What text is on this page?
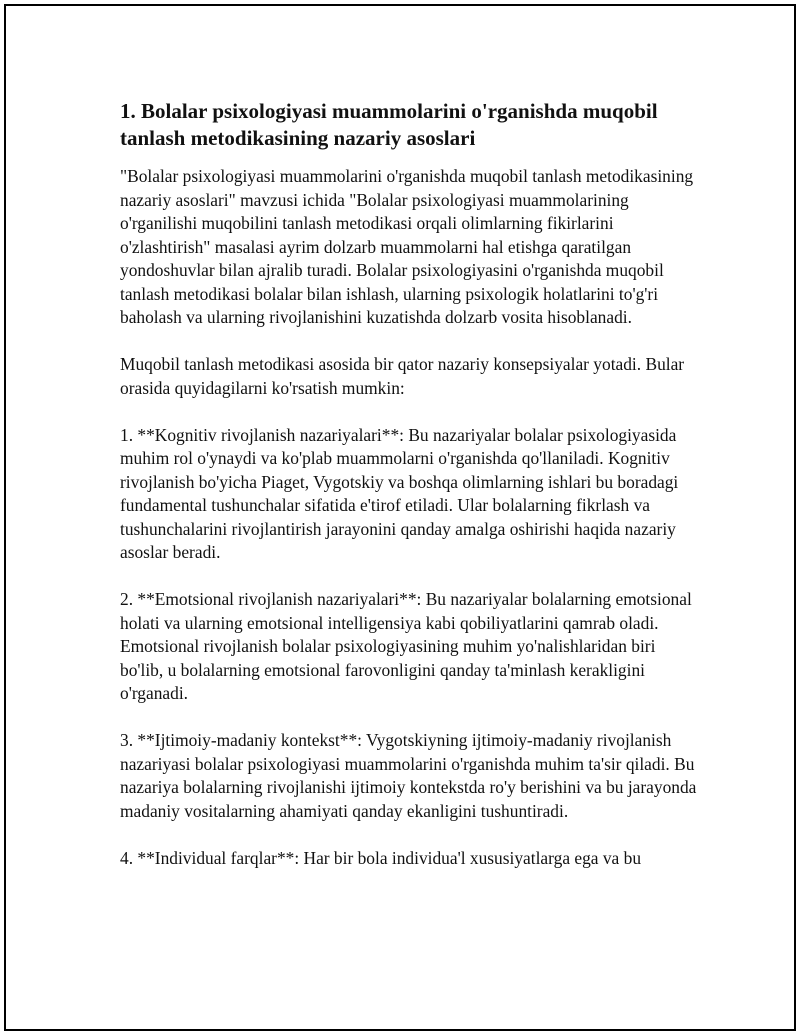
1. Bolalar psixologiyasi muammolarini o'rganishda muqobil tanlash metodikasining nazariy asoslari

"Bolalar psixologiyasi muammolarini o'rganishda muqobil tanlash metodikasining nazariy asoslari" mavzusi ichida "Bolalar psixologiyasi muammolarining o'rganilishi muqobilini tanlash metodikasi orqali olimlarning fikirlarini o'zlashtirish" masalasi ayrim dolzarb muammolarni hal etishga qaratilgan yondoshuvlar bilan ajralib turadi. Bolalar psixologiyasini o'rganishda muqobil tanlash metodikasi bolalar bilan ishlash, ularning psixologik holatlarini to'g'ri baholash va ularning rivojlanishini kuzatishda dolzarb vosita hisoblanadi.

Muqobil tanlash metodikasi asosida bir qator nazariy konsepsiyalar yotadi. Bular orasida quyidagilarni ko'rsatish mumkin:

1. **Kognitiv rivojlanish nazariyalari**: Bu nazariyalar bolalar psixologiyasida muhim rol o'ynaydi va ko'plab muammolarni o'rganishda qo'llaniladi. Kognitiv rivojlanish bo'yicha Piaget, Vygotskiy va boshqa olimlarning ishlari bu boradagi fundamental tushunchalar sifatida e'tirof etiladi. Ular bolalarning fikrlash va tushunchalarini rivojlantirish jarayonini qanday amalga oshirishi haqida nazariy asoslar beradi.

2. **Emotsional rivojlanish nazariyalari**: Bu nazariyalar bolalarning emotsional holati va ularning emotsional intelligensiya kabi qobiliyatlarini qamrab oladi. Emotsional rivojlanish bolalar psixologiyasining muhim yo'nalishlaridan biri bo'lib, u bolalarning emotsional farovonligini qanday ta'minlash kerakligini o'rganadi.

3. **Ijtimoiy-madaniy kontekst**: Vygotskiyning ijtimoiy-madaniy rivojlanish nazariyasi bolalar psixologiyasi muammolarini o'rganishda muhim ta'sir qiladi. Bu nazariya bolalarning rivojlanishi ijtimoiy kontekstda ro'y berishini va bu jarayonda madaniy vositalarning ahamiyati qanday ekanligini tushuntiradi.

4. **Individual farqlar**: Har bir bola individua'l xususiyatlarga ega va bu
